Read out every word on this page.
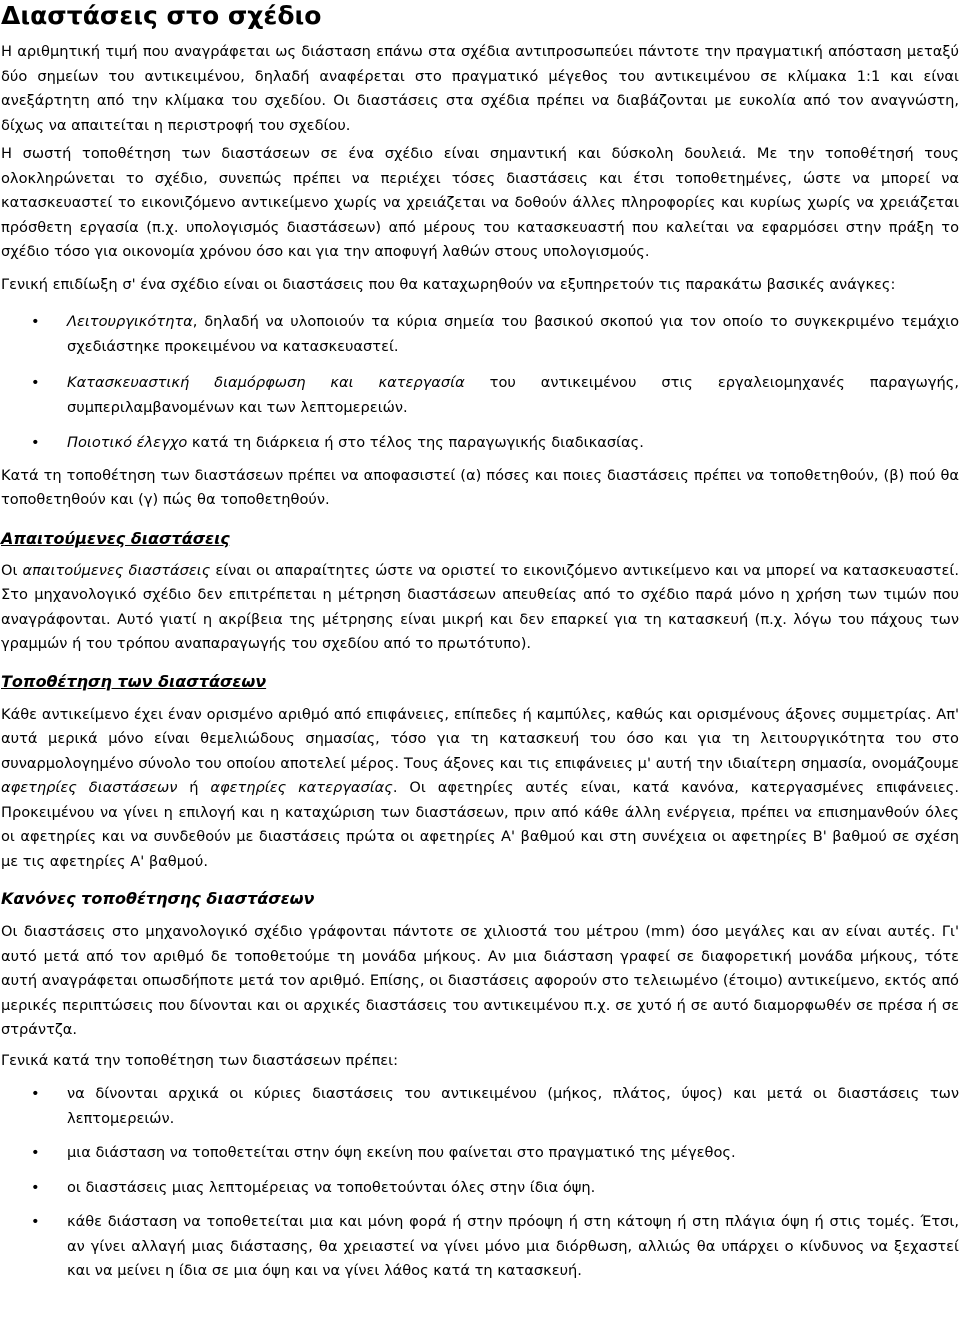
Διαστάσεις στο σχέδιο

Η αριθμητική τιμή που αναγράφεται ως διάσταση επάνω στα σχέδια αντιπροσωπεύει πάντοτε την πραγματική απόσταση μεταξύ δύο σημείων του αντικειμένου, δηλαδή αναφέρεται στο πραγματικό μέγεθος του αντικειμένου σε κλίμακα 1:1 και είναι ανεξάρτητη από την κλίμακα του σχεδίου. Οι διαστάσεις στα σχέδια πρέπει να διαβάζονται με ευκολία από τον αναγνώστη, δίχως να απαιτείται η περιστροφή του σχεδίου.

Η σωστή τοποθέτηση των διαστάσεων σε ένα σχέδιο είναι σημαντική και δύσκολη δουλειά. Με την τοποθέτησή τους ολοκληρώνεται το σχέδιο, συνεπώς πρέπει να περιέχει τόσες διαστάσεις και έτσι τοποθετημένες, ώστε να μπορεί να κατασκευαστεί το εικονιζόμενο αντικείμενο χωρίς να χρειάζεται να δοθούν άλλες πληροφορίες και κυρίως χωρίς να χρειάζεται πρόσθετη εργασία (π.χ. υπολογισμός διαστάσεων) από μέρους του κατασκευαστή που καλείται να εφαρμόσει στην πράξη το σχέδιο τόσο για οικονομία χρόνου όσο και για την αποφυγή λαθών στους υπολογισμούς.

Γενική επιδίωξη σ' ένα σχέδιο είναι οι διαστάσεις που θα καταχωρηθούν να εξυπηρετούν τις παρακάτω βασικές ανάγκες:

• Λειτουργικότητα, δηλαδή να υλοποιούν τα κύρια σημεία του βασικού σκοπού για τον οποίο το συγκεκριμένο τεμάχιο σχεδιάστηκε προκειμένου να κατασκευαστεί.
• Κατασκευαστική διαμόρφωση και κατεργασία του αντικειμένου στις εργαλειομηχανές παραγωγής, συμπεριλαμβανομένων και των λεπτομερειών.
• Ποιοτικό έλεγχο κατά τη διάρκεια ή στο τέλος της παραγωγικής διαδικασίας.

Κατά τη τοποθέτηση των διαστάσεων πρέπει να αποφασιστεί (α) πόσες και ποιες διαστάσεις πρέπει να τοποθετηθούν, (β) πού θα τοποθετηθούν και (γ) πώς θα τοποθετηθούν.

Απαιτούμενες διαστάσεις

Οι απαιτούμενες διαστάσεις είναι οι απαραίτητες ώστε να οριστεί το εικονιζόμενο αντικείμενο και να μπορεί να κατασκευαστεί. Στο μηχανολογικό σχέδιο δεν επιτρέπεται η μέτρηση διαστάσεων απευθείας από το σχέδιο παρά μόνο η χρήση των τιμών που αναγράφονται. Αυτό γιατί η ακρίβεια της μέτρησης είναι μικρή και δεν επαρκεί για τη κατασκευή (π.χ. λόγω του πάχους των γραμμών ή του τρόπου αναπαραγωγής του σχεδίου από το πρωτότυπο).

Τοποθέτηση των διαστάσεων

Κάθε αντικείμενο έχει έναν ορισμένο αριθμό από επιφάνειες, επίπεδες ή καμπύλες, καθώς και ορισμένους άξονες συμμετρίας. Απ' αυτά μερικά μόνο είναι θεμελιώδους σημασίας, τόσο για τη κατασκευή του όσο και για τη λειτουργικότητα του στο συναρμολογημένο σύνολο του οποίου αποτελεί μέρος. Τους άξονες και τις επιφάνειες μ' αυτή την ιδιαίτερη σημασία, ονομάζουμε αφετηρίες διαστάσεων ή αφετηρίες κατεργασίας. Οι αφετηρίες αυτές είναι, κατά κανόνα, κατεργασμένες επιφάνειες. Προκειμένου να γίνει η επιλογή και η καταχώριση των διαστάσεων, πριν από κάθε άλλη ενέργεια, πρέπει να επισημανθούν όλες οι αφετηρίες και να συνδεθούν με διαστάσεις πρώτα οι αφετηρίες Α' βαθμού και στη συνέχεια οι αφετηρίες Β' βαθμού σε σχέση με τις αφετηρίες Α' βαθμού.

Κανόνες τοποθέτησης διαστάσεων

Οι διαστάσεις στο μηχανολογικό σχέδιο γράφονται πάντοτε σε χιλιοστά του μέτρου (mm) όσο μεγάλες και αν είναι αυτές. Γι' αυτό μετά από τον αριθμό δε τοποθετούμε τη μονάδα μήκους. Αν μια διάσταση γραφεί σε διαφορετική μονάδα μήκους, τότε αυτή αναγράφεται οπωσδήποτε μετά τον αριθμό. Επίσης, οι διαστάσεις αφορούν στο τελειωμένο (έτοιμο) αντικείμενο, εκτός από μερικές περιπτώσεις που δίνονται και οι αρχικές διαστάσεις του αντικειμένου π.χ. σε χυτό ή σε αυτό διαμορφωθέν σε πρέσα ή σε στράντζα.

Γενικά κατά την τοποθέτηση των διαστάσεων πρέπει:

• να δίνονται αρχικά οι κύριες διαστάσεις του αντικειμένου (μήκος, πλάτος, ύψος) και μετά οι διαστάσεις των λεπτομερειών.
• μια διάσταση να τοποθετείται στην όψη εκείνη που φαίνεται στο πραγματικό της μέγεθος.
• οι διαστάσεις μιας λεπτομέρειας να τοποθετούνται όλες στην ίδια όψη.
• κάθε διάσταση να τοποθετείται μια και μόνη φορά ή στην πρόοψη ή στη κάτοψη ή στη πλάγια όψη ή στις τομές. Έτσι, αν γίνει αλλαγή μιας διάστασης, θα χρειαστεί να γίνει μόνο μια διόρθωση, αλλιώς θα υπάρχει ο κίνδυνος να ξεχαστεί και να μείνει η ίδια σε μια όψη και να γίνει λάθος κατά τη κατασκευή.
